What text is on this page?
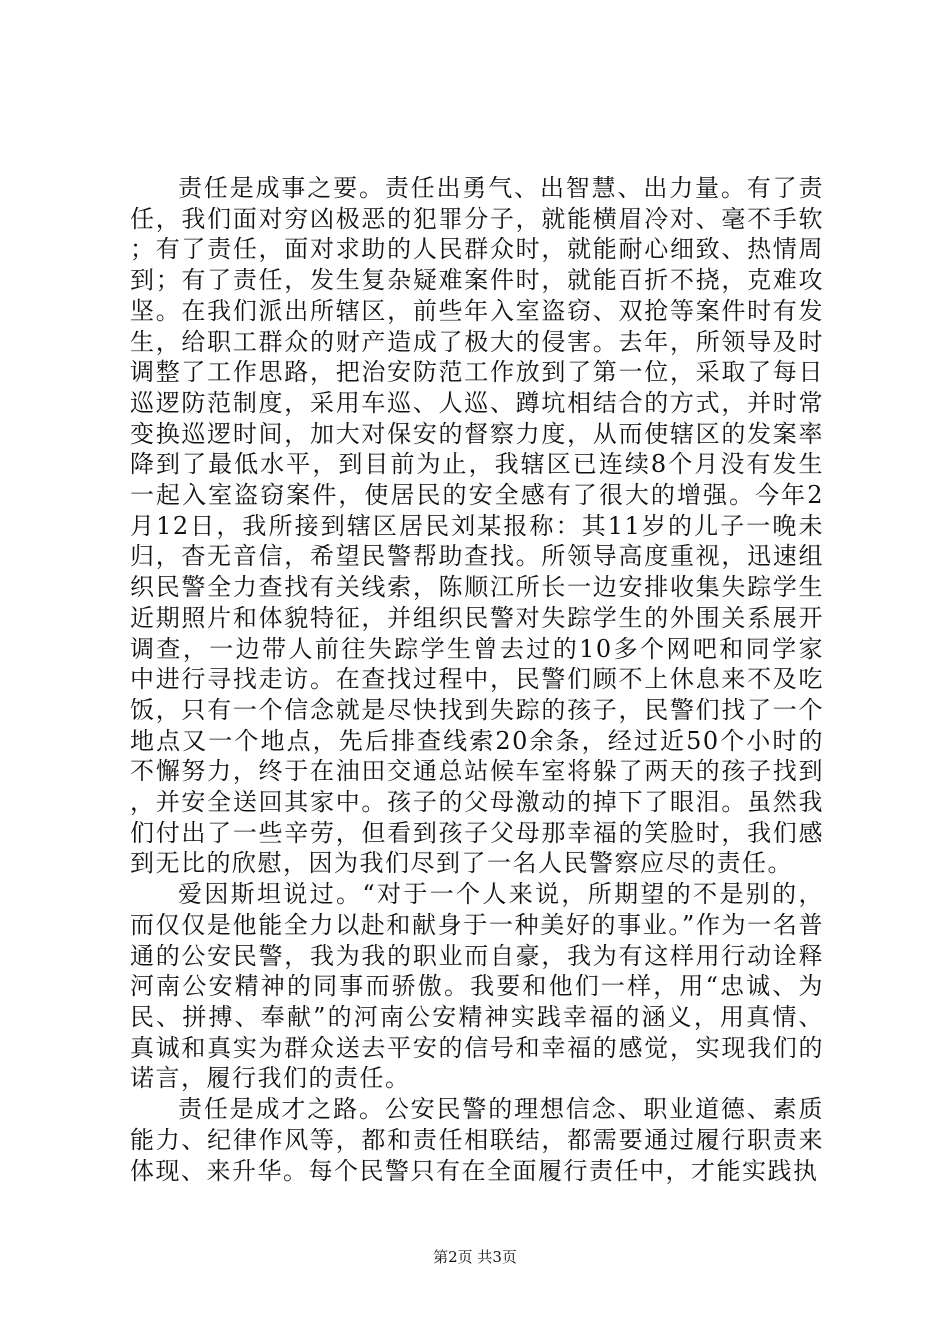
责任是成事之要。责任出勇气、出智慧、出力量。有了责任，我们面对穷凶极恶的犯罪分子，就能横眉冷对、毫不手软；有了责任，面对求助的人民群众时，就能耐心细致、热情周到；有了责任，发生复杂疑难案件时，就能百折不挠，克难攻坚。在我们派出所辖区，前些年入室盗窃、双抢等案件时有发生，给职工群众的财产造成了极大的侵害。去年，所领导及时调整了工作思路，把治安防范工作放到了第一位，采取了每日巡逻防范制度，采用车巡、人巡、蹲坑相结合的方式，并时常变换巡逻时间，加大对保安的督察力度，从而使辖区的发案率降到了最低水平，到目前为止，我辖区已连续8个月没有发生一起入室盗窃案件，使居民的安全感有了很大的增强。今年2月12日，我所接到辖区居民刘某报称：其11岁的儿子一晚未归，杳无音信，希望民警帮助查找。所领导高度重视，迅速组织民警全力查找有关线索，陈顺江所长一边安排收集失踪学生近期照片和体貌特征，并组织民警对失踪学生的外围关系展开调查，一边带人前往失踪学生曾去过的10多个网吧和同学家中进行寻找走访。在查找过程中，民警们顾不上休息来不及吃饭，只有一个信念就是尽快找到失踪的孩子，民警们找了一个地点又一个地点，先后排查线索20余条，经过近50个小时的不懈努力，终于在油田交通总站候车室将躲了两天的孩子找到，并安全送回其家中。孩子的父母激动的掉下了眼泪。虽然我们付出了一些辛劳，但看到孩子父母那幸福的笑脸时，我们感到无比的欣慰，因为我们尽到了一名人民警察应尽的责任。

爱因斯坦说过。“对于一个人来说，所期望的不是别的，而仅仅是他能全力以赴和献身于一种美好的事业。”作为一名普通的公安民警，我为我的职业而自豪，我为有这样用行动诠释河南公安精神的同事而骄傲。我要和他们一样，用“忠诚、为民、拼搏、奉献”的河南公安精神实践幸福的涵义，用真情、真诚和真实为群众送去平安的信号和幸福的感觉，实现我们的诺言，履行我们的责任。

责任是成才之路。公安民警的理想信念、职业道德、素质能力、纪律作风等，都和责任相联结，都需要通过履行职责来体现、来升华。每个民警只有在全面履行责任中，才能实践执

第2页 共3页
